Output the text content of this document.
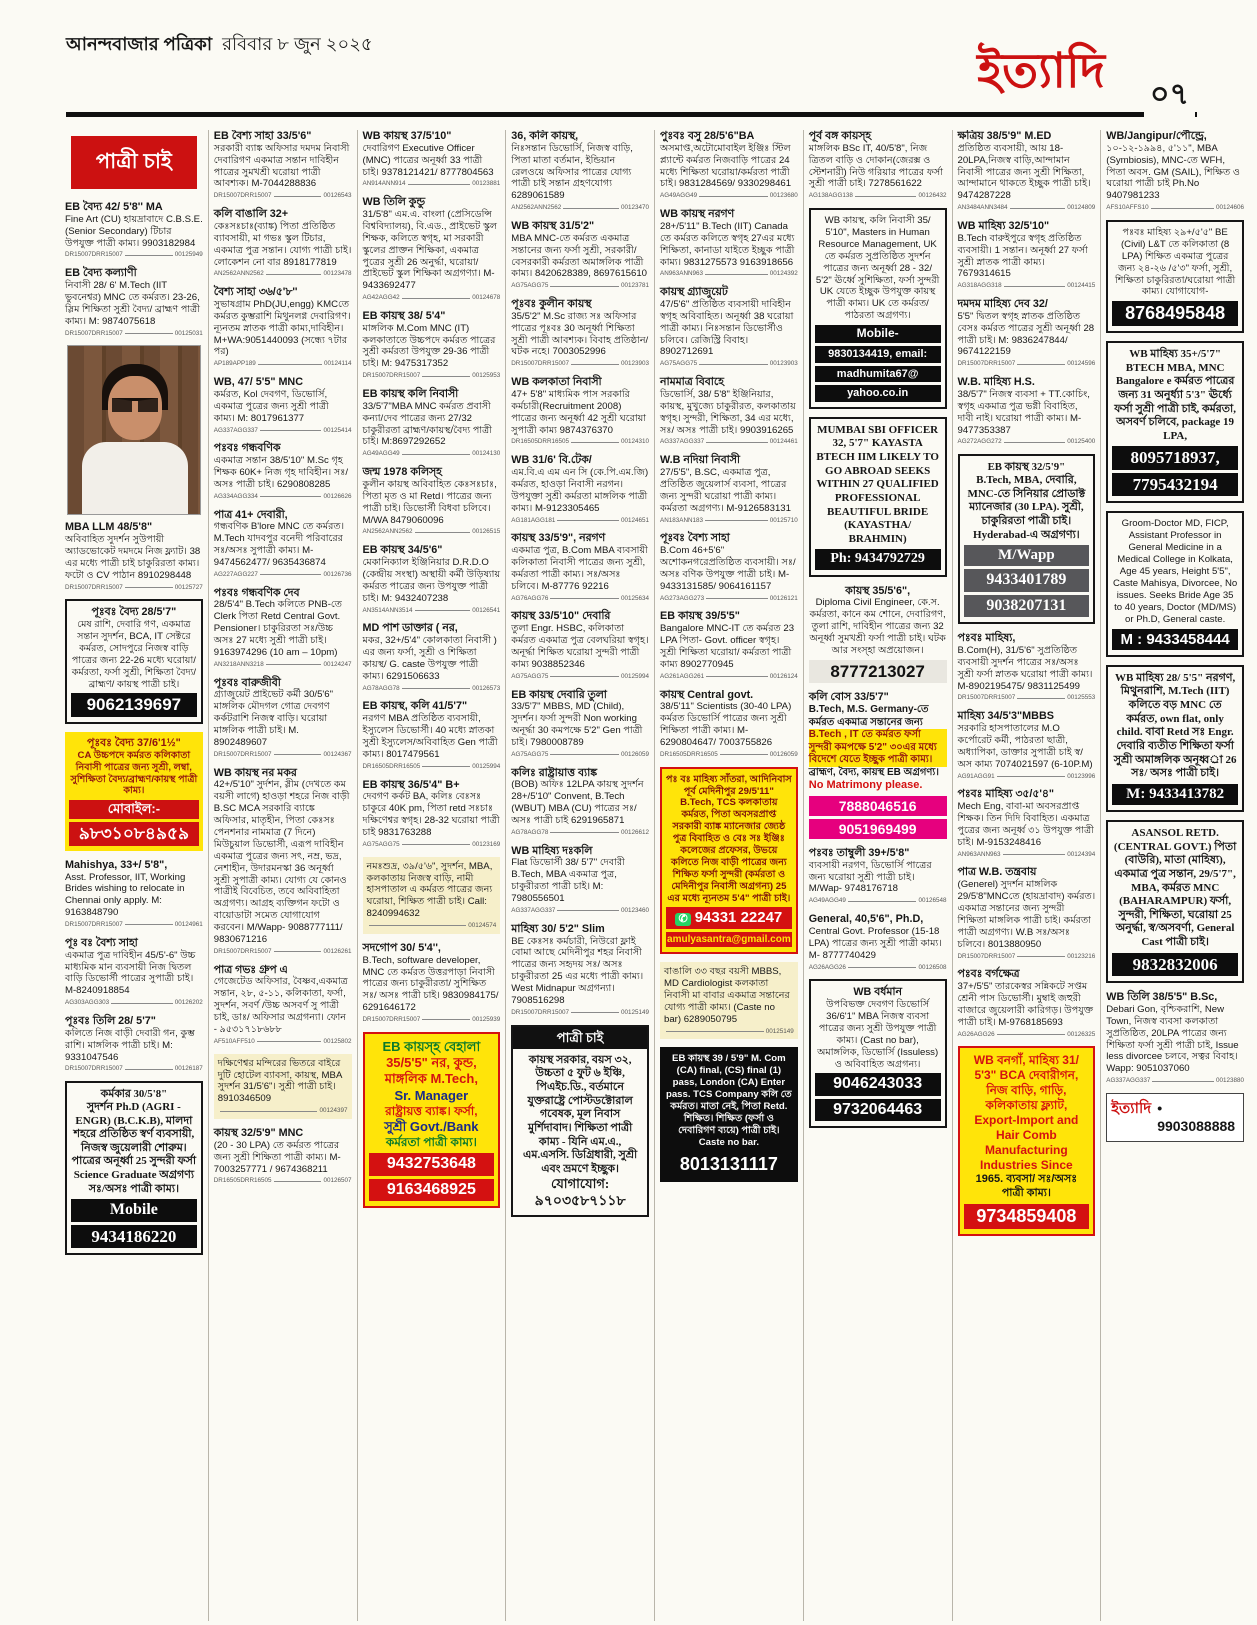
আনন্দবাজার পত্রিকা রবিবার ৮ জুন ২০২৫
ইত্যাদি	০৭
পাত্রী চাই
EB বৈদ্য 42/ 5'8'' MA
Fine Art (CU) হায়দ্রাবাদে C.B.S.E. (Senior Secondary) টিচার উপযুক্ত পাত্রী কাম্য। 9903182984
DR15007DRR15007	00125949
EB বৈদ্য কল্যাণী
নিবাসী 28/ 6' M.Tech (IIT ভুবনেশ্বর) MNC তে কর্মরত। 23-26, স্লিম শিক্ষিতা সুশ্রী বৈদ্য/ ব্রাহ্মণ পাত্রী কাম্য। M: 9874075618
DR15007DRR15007	00125031
MBA LLM 48/5'8"
অবিবাহিত সুদর্শন সুউপায়ী অ্যাডভোকেট দমদমে নিজ ফ্ল্যাট। 38 এর মধ্যে পাত্রী চাই চাকুরিরতা কাম্য। ফটো ও CV পাঠান 8910298448
DR15007DRR15007	00125727
পূঃবঃ বৈদ্য 28/5'7"
মেষ রাশি, দেবারি গণ, একমাত্র সন্তান সুদর্শন, BCA, IT সেক্টরে কর্মরত, সোদপুরে নিজস্ব বাড়ি পাত্রের জন্য 22-26 মধ্যে ঘরোয়া/ কর্মরতা, ফর্সা সুশ্রী, শিক্ষিতা বৈদ্য/ ব্রাহ্মণ/ কায়স্থ পাত্রী চাই।
9062139697
পূঃবঃ বৈদ্য 37/6'1½"
CA উচ্চপদে কর্মরত কলিকাতা নিবাসী পাত্রের জন্য সুশ্রী, লম্বা, সুশিক্ষিতা বৈদ্য/ব্রাহ্মণ/কায়স্থ পাত্রী কাম্য।
মোবাইল:-
৯৮৩১০৮৪৯৫৯
Mahishya, 33+/ 5'8",
Asst. Professor, IIT, Working Brides wishing to relocate in Chennai only apply. M: 9163848790
DR15007DRR15007	00124961
পূঃ বঃ বৈশ্য সাহা
একমাত্র পুত্র দাবিহীন 45/5'-6" উচ্চ মাধ্যমিক মান ব্যবসায়ী নিজ দ্বিতল বাড়ি ডিভোর্সী পাত্রের সুপাত্রী চাই। M-8240918854
AG303AGG303	00126202
পূঃবঃ তিলি 28/ 5'7"
কলিতে নিজ বাড়ী দেবারী গন, কুম্ভ রাশি। মাঙ্গলিক পাত্রী চাই। M: 9331047546
DR15007DRR15007	00126187
কর্মকার 30/5'8"
সুদর্শন Ph.D (AGRI - ENGR) (B.C.K.B), মালদা শহরে প্রতিষ্ঠিত স্বর্ণ ব্যবসায়ী, নিজস্ব জুয়েলারী শোরুম। পাত্রের অনূর্ধ্বা 25 সুন্দরী ফর্সা Science Graduate অগ্রগণ্য সঃ/অসঃ পাত্রী কাম্য।
Mobile
9434186220
EB বৈশ্য সাহা 33/5'6"
সরকারী ব্যাঙ্ক অফিসার দমদম নিবাসী দেবারিগণ একমাত্র সন্তান দাবিহীন পাত্রের সুমখশ্রী ঘরোয়া পাত্রী আবশ্যক। M-7044288836
DR15007DRR15007	00126543
কলি বাঙালি 32+
কেঃসঃচাঃ(ব্যাঙ্ক) পিতা প্রতিষ্ঠিত ব্যাবসায়ী, মা গভঃ স্কুল টিচার, একমাত্র পুত্র সন্তান। যোগ্য পাত্রী চাই। লোকেশন নো বার 8918177819
AN2562ANN2562	00123478
বৈশ্য সাহা ৩৬/৫'৮''
সুভাষগ্রাম PhD(JU,engg) KMCতে কর্মরত কুম্ভরাশি মিথুনলগ্ন দেবারিগণ। ন্যূনতম স্নাতক পাত্রী কাম্য,দাবিহীন। M+WA:9051440093 (সন্ধ্যে ৭টার পর)
AP189APP189	00124114
WB, 47/ 5'5" MNC
কর্মরত, Kol দেবগণ, ডিভোর্সি, একমাত্র পুত্রের জন্য সুশ্রী পাত্রী কাম্য। M: 8017961377
AG337AGG337	00125414
পঃবঃ গন্ধবণিক
একমাত্র সন্তান 38/5'10" M.Sc গৃহ শিক্ষক 60K+ নিজ গৃহ দাবিহীন। সঃ/অসঃ পাত্রী চাই। 6290808285
AG334AGG334	00126626
পাত্র 41+ দেবারী,
গন্ধবণিক B'lore MNC তে কর্মরত। M.Tech যাদবপুর বনেদী পরিবারের সঃ/অসঃ সুপাত্রী কাম্য। M- 9474562477/ 9635436874
AG227AGG227	00126736
পঃবঃ গন্ধবণিক দেব
28/5'4" B.Tech কলিতে PNB-তে Clerk পিতা Retd Central Govt. Pensioner। চাকুরিরতা সঃ/উচ্চ অসঃ 27 মধ্যে সুশ্রী পাত্রী চাই। 9163974296 (10 am – 10pm)
AN3218ANN3218	00124247
পূঃবঃ বারুজীবী
গ্র্যাজুয়েট প্রাইভেট কর্মী 30/5'6" মাঙ্গলিক মৌদগল গোত্র দেবগণ কর্কটরাশি নিজস্ব বাড়ি। ঘরোয়া মাঙ্গলিক পাত্রী চাই। M. 8902489607
DR15007DRR15007	00124367
WB কায়স্থ নর মকর
42+/5'10" সুর্দশন, স্লীম (দেখতে কম বয়সী লাগে) হাওড়া শহরে নিজ বাড়ী B.SC MCA সরকারি ব্যাঙ্কে অফিসার, মাতৃহীন, পিতা কেঃসঃ পেনশনার নামমাত্র (7 দিনে) মিউচুয়াল ডিভোর্সী, এরূপ দাবিহীন একমাত্র পুত্রের জন্য সৎ, নম্র, ভদ্র, নেশাহীন, উদারমনস্কা 36 অনূর্ধ্বা সুশ্রী সুপাত্রী কাম্য। যোগ্য যে কোনও পাত্রীই বিবেচিত, তবে অবিবাহিতা অগ্রগণ্য। আগ্রহ ব্যক্তিগন ফটো ও বায়োডাটা সমেত যোগাযোগ করবেন। M/Wapp- 9088777111/ 9830671216
DR15007DRR15007	00126261
পাত্র গভঃ গ্রুপ এ
গেজেটেড অফিসার, বৈষ্ণব,একমাত্র সন্তান, ২৮, ৫-১১, কলিকাতা, ফর্সা, সুদর্শন, সবর্ণ /উচ্চ অসবর্ণ সু পাত্রী চাই, ডাঃ/ অফিসার অগ্রগন্যা। ফোন - ৯৫৩১৭১৮৬৮৮
AF510AFF510	00125802
দক্ষিণেশ্বর মন্দিরের ভিতরে বাইরে দুটি হোটেল ব্যাবসা, কায়স্থ, MBA সুদর্শন 31/5'6"। সুশ্রী পাত্রী চাই। 8910346509
00124397
কায়স্থ 32/5'9" MNC
(20 - 30 LPA) তে কর্মরত পাত্রের জন্য সুশ্রী শিক্ষিতা পাত্রী কাম্য। M- 7003257771 / 9674368211
DR16505DRR16505	00126507
WB কায়স্থ 37/5'10"
দেবারিগণ Executive Officer (MNC) পাত্রের অনূর্ধ্বা 33 পাত্রী চাই। 9378121421/ 8777804563
AN914ANN914	00123881
WB তিলি কুন্ডু
31/5'8'' এম.এ. বাংলা (প্রেসিডেন্সি বিশ্ববিদ্যালয়), বি.এড., প্রাইভেট স্কুল শিক্ষক, কলিতে স্বগৃহ, মা সরকারী স্কুলের প্রাক্তন শিক্ষিকা, একমাত্র পুত্রের সুশ্রী 26 অনুর্দ্ধা, ঘরোয়া/প্রাইভেট স্কুল শিক্ষিকা অগ্রগণ্যা। M- 9433692477
AG42AGG42	00124678
EB কায়স্থ 38/ 5'4"
মাঙ্গলিক M.Com MNC (IT) কলকাতাতে উচ্চপদে কর্মরত পাত্রের সুশ্রী কর্মরতা উপযুক্ত 29-36 পাত্রী চাই। M: 9475317352
DR15007DRR15007	00125953
EB কায়স্থ কলি নিবাসী
33/5'7"MBA MNC কর্মরত প্রবাসী কন্যা/দেব পাত্রের জন্য 27/32 চাকুরীরতা ব্রাহ্মণ/কায়স্থ/বৈদ্য পাত্রী চাই। M:8697292652
AG49AGG49	00124130
জন্ম 1978 কলিস্হ
কুলীন কায়স্থ অবিবাহিত কেঃসঃচাঃ, পিতা মৃত ও মা Retd। পাত্রের জন্য পাত্রী চাই। ডিভোর্সী বিধবা চলিবে। M/WA 8479060096
AN2562ANN2562	00126515
EB কায়স্থ 34/5'6"
মেকানিক্যাল ইঞ্জিনিয়ার D.R.D.O (কেন্দ্রীয় সংস্থা) অস্থায়ী কর্মী উড়িষ্যায় কর্মরত পাত্রের জন্য উপযুক্ত পাত্রী চাই। M: 9432407238
AN3514ANN3514	00126541
MD পাশ ডাক্তার ( নর,
মকর, 32+/5'4" কোলকাতা নিবাসী ) এর জন্য ফর্সা, সুশ্রী ও শিক্ষিতা কায়স্থ/ G. caste উপযুক্ত পাত্রী কাম্য। 6291506633
AG78AGG78	00126573
EB কায়স্থ, কলি 41/5'7"
নরগণ MBA প্রতিষ্ঠিত ব্যবসায়ী, ইস্যুলেস ডিভোর্সী। 40 মধ্যে স্নাতকা সুশ্রী ইস্যুলেস/অবিবাহিত Gen পাত্রী কাম্য। 8017479561
DR16505DRR16505	00125994
EB কায়স্থ 36/5'4" B+
দেবগণ কর্কট BA, কলিঃ বেঃসঃ চাকুরে 40K pm, পিতা retd সঃচাঃ দক্ষিণেশ্বর স্বগৃহ। 28-32 ঘরোয়া পাত্রী চাই 9831763288
AG75AGG75	00123169
নমঃশুদ্র, ৩৯/৫'৬", সুদর্শন, MBA, কলকাতায় নিজস্ব বাড়ি, নামী হাসপাতাল এ কর্মরত পাত্রের জন্য ঘরোয়া, শিক্ষিত পাত্রী চাই। Call: 8240994632
00124574
সদগোপ 30/ 5'4'',
B.Tech, software developer, MNC তে কর্মরত উত্তরপাড়া নিবাসী পাত্রের জন্য চাকুরীরতা/ সুশিক্ষিত সঃ/ অসঃ পাত্রী চাই। 9830984175/ 6291646172
DR15007DRR15007	00125939
EB কায়স্হ বেহালা
35/5'5" নর, কুন্ড,
মাঙ্গলিক M.Tech,
Sr. Manager
রাষ্ট্রায়ত্ত ব্যাঙ্ক। ফর্সা,
সুশ্রী Govt./Bank
কর্মরতা পাত্রী কাম্য।
9432753648
9163468925
36, কলি কায়স্থ,
নিঃসন্তান ডিভোর্সি, নিজস্ব বাড়ি, পিতা মাতা বর্তমান, ইন্ডিয়ান রেলওয়ে অফিসার পাত্রের যোগ্য পাত্রী চাই সন্তান গ্রহণযোগ্য 6289061589
AN2562ANN2562	00123470
WB কায়স্থ 31/5'2"
MBA MNC-তে কর্মরত একমাত্র সন্তানের জন্য ফর্সা সুশ্রী, সরকারী/বেসরকারী কর্মরতা অমাঙ্গলিক পাত্রী কাম্য। 8420628389, 8697615610
AG75AGG75	00123781
পূঃবঃ কুলীন কায়স্থ
35/5'2" M.Sc রাজ্য সঃ অফিসার পাত্রের পূঃবঃ 30 অনূর্ধ্বা শিক্ষিতা সুশ্রী পাত্রী আবশ্যক। বিবাহ প্রতিষ্ঠান/ঘটক নহে। 7003052996
DR15007DRR15007	00123903
WB কলকাতা নিবাসী
47+ 5'8" মাধ্যমিক পাস সরকারি কর্মচারী(Recruitment 2008) পাত্রের জন্য অনূর্ধ্বা 42 সুশ্রী ঘরোয়া সুপাত্রী কাম্য 9874376370
DR16505DRR16505	00124310
WB 31/6' বি.টেক/
এম.বি.এ এম এন সি (কে.পি.এম.জি) কর্মরত, হাওড়া নিবাসী নরগন। উপযুক্তা সুশ্রী কর্মরতা মাঙ্গলিক পাত্রী কাম্য। M-9123305465
AG181AGG181	00124651
কায়স্থ 33/5'9", নরগণ
একমাত্র পুত্র, B.Com MBA ব্যবসায়ী কলিকাতা নিবাসী পাত্রের জন্য সুশ্রী, কর্মরতা পাত্রী কাম্য। সঃ/অসঃ চলিবে। M-87776 92216
AG76AGG76	00125634
কায়স্থ 33/5'10" দেবারি
তুলা Engr. HSBC, কলিকাতা কর্মরত একমাত্র পুত্র বেলঘরিয়া স্বগৃহ। অনূর্দ্ধা শিক্ষিত ঘরোয়া সুন্দরী পাত্রী কাম্য 9038852346
AG75AGG75	00125994
EB কায়স্থ দেবারি তুলা
33/5'7" MBBS, MD (Child), সুদর্শন। ফর্সা সুন্দরী Non working অনূর্দ্ধা 30 কমপক্ষে 5'2" Gen পাত্রী চাই। 7980008789
AG75AGG75	00126059
কলিঃ রাষ্ট্রায়াত্ত ব্যাঙ্ক
(BOB) অফিঃ 12LPA কায়স্থ সুদর্শন 28+/5'10" Convent, B.Tech (WBUT) MBA (CU) পাত্রের সঃ/অসঃ পাত্রী চাই 6291965871
AG78AGG78	00126612
WB মাহিষ্য দঃকলি
Flat ডিভোর্সী 38/ 5'7" দেবারী B.Tech, MBA একমাত্র পুত্র, চাকুরীরতা পাত্রী চাই। M: 7980556501
AG337AGG337	00123460
মাহিষ্য 30/ 5'2" Slim
BE কেঃসঃ কর্মচারী, নিউরো ফ্লাই বোমা আছে মেদিনীপুর শহর নিবাসী পাত্রের জন্য সহৃদয় সঃ/ অসঃ চাকুরীরতা 25 এর মধ্যে পাত্রী কাম্য। West Midnapur অগ্রগন্যা। 7908516298
DR15007DRR15007	00125149
পাত্রী চাই
কায়স্থ সরকার, বয়স ৩২, উচ্চতা ৫ ফুট ৬ ইঞ্চি, পিএইচ.ডি., বর্তমানে যুক্তরাষ্ট্রে পোস্টডক্টোরাল গবেষক, মূল নিবাস মুর্শিদাবাদ। শিক্ষিতা পাত্রী কাম্য - যিনি এম.এ., এম.এসসি. ডিগ্রিধারী, সুশ্রী এবং ভ্রমণে ইচ্ছুক।
যোগাযোগ:
৯৭০৩৫৮৭১১৮
পুঃবঃ বসু 28/5'6"BA
অসমাপ্ত,অটোমোবাইল ইঞ্জিঃ স্টিল প্ল্যান্টে কর্মরত নিজবাড়ি পাত্রের 24 মধ্যে শিক্ষিতা ঘরোয়া/কর্মরতা পাত্রী চাই। 9831284569/ 9330298461
AG49AGG49	00123680
WB কায়স্থ নরগণ
28+/5'11" B.Tech (IIT) Canada তে কর্মরত কলিতে স্বগৃহ 27এর মধ্যে শিক্ষিতা, কানাডা যাইতে ইচ্ছুক পাত্রী কাম্য। 9831275573 9163918656
AN963ANN963	00124392
কায়স্থ গ্র্যাজুয়েট
47/5'6" প্রতিষ্ঠিত ব্যবসায়ী দাবিহীন স্বগৃহ অবিবাহিত। অনূর্ধ্বা 38 ঘরোয়া পাত্রী কাম্য। নিঃসন্তান ডিভোর্সীও চলিবে। রেজিস্ট্রি বিবাহ। 8902712691
AG75AGG75	00123903
নামমাত্র বিবাহে
ডিভোর্সি, 38/ 5'8" ইঞ্জিনিয়ার, কায়স্থ, মুখুজ্যে চাকুরীরত, কলকাতায় স্বগৃহ। সুন্দরী, শিক্ষিতা, 34 এর মধ্যে, সঃ/ অসঃ পাত্রী চাই। 9903916265
AG337AGG337	00124461
W.B নদিয়া নিবাসী
27/5'5", B.SC, একমাত্র পুত্র, প্রতিষ্ঠিত জুয়েলার্স ব্যবসা, পাত্রের জন্য সুন্দরী ঘরোয়া পাত্রী কাম্য। কর্মরতা অগ্রগণ্য। M-9126583131
AN183ANN183	00125710
পূঃবঃ বৈশ্য সাহা
B.Com 46+5'6" অশোকনগরেপ্রতিষ্ঠিত ব্যবসায়ী। সঃ/অসঃ বণিক উপযুক্ত পাত্রী চাই। M- 9433131585/ 9064161157
AG273AGG273	00126121
EB কায়স্থ 39/5'5"
Bangalore MNC-IT তে কর্মরত 23 LPA পিতা- Govt. officer স্বগৃহ। সুশ্রী শিক্ষিতা ঘরোয়া/ কর্মরতা পাত্রী কাম্য 8902770945
AG261AGG261	00126124
কায়স্থ Central govt.
38/5'11" Scientists (30-40 LPA) কর্মরত ডিভোর্সি পাত্রের জন্য সুশ্রী শিক্ষিতা পাত্রী কাম্য। M- 6290804647/ 7003755826
DR16505DRR16505	00126059
পঃ বঃ মাহিষ্য সাঁতরা, আদিনিবাস পূর্ব মেদিনীপুর 29/5'11" B.Tech, TCS কলকাতায় কর্মরত, পিতা অবসরপ্রাপ্ত সরকারী ব্যাঙ্ক ম্যানেজার জ্যেষ্ঠ পুত্র বিবাহিত ও বেঃ সঃ ইঞ্জিঃ কলেজের প্রফেসর, উভয়ে কলিতে নিজ বাড়ী পাত্রের জন্য শিক্ষিত ফর্সা সুন্দরী (কর্মরতা ও মেদিনীপুর নিবাসী অগ্রগন্য) 25 এর মধ্যে ন্যূনতম 5'4" পাত্রী চাই।
✆ 94331 22247
amulyasantra@gmail.com
বাঙালি ৩৩ বছর বয়সী MBBS, MD Cardiologist কলকাতা নিবাসী মা বাবার একমাত্র সন্তানের যোগ্য পাত্রী কাম্য। (Caste no bar) 6289050795
00125149
EB কায়স্থ 39 / 5'9" M. Com (CA) final, (CS) final (1) pass, London (CA) Enter pass. TCS Company কলি তে কর্মরত। মাতা নেই, পিতা Retd. শিক্ষিত। শিক্ষিত (ফর্সা ও দেবারিগণ ব্যয়ে) পাত্রী চাই। Caste no bar.
8013131117
পূর্ব বঙ্গ কায়স্হ
মাঙ্গলিক BSc IT, 40/5'8", নিজ ত্রিতল বাড়ি ও দোকান(জেরক্স ও স্টেশনারী) নিউ গরিয়ার পাত্রের ফর্সা সুশ্রী পাত্রী চাই। 7278561622
AG138AGG138	00126432
WB কায়স্থ, কলি নিবাসী 35/ 5'10", Masters in Human Resource Management, UK তে কর্মরত সুপ্রতিষ্ঠিত সুদর্শন পাত্রের জন্য অনূর্ধ্বা 28 - 32/ 5'2" ঊর্ধ্বে সুশিক্ষিতা, ফর্সা সুন্দরী UK যেতে ইচ্ছুক উপযুক্ত কায়স্থ পাত্রী কাম্য। UK তে কর্মরত/ পাঠরতা অগ্রগণ্য।
Mobile-
9830134419, email:
madhumita67@
yahoo.co.in
MUMBAI SBI OFFICER 32, 5'7" KAYASTA BTECH IIM LIKELY TO GO ABROAD SEEKS WITHIN 27 QUALIFIED PROFESSIONAL BEAUTIFUL BRIDE (KAYASTHA/ BRAHMIN)
Ph: 9434792729
কায়স্থ 35/5'6",
Diploma Civil Engineer, কে.স. কর্মরতা, কানে কম শোনে, দেবারিগণ, তুলা রাশি, দাবিহীন পাত্রের জন্য 32 অনূর্ধ্বা সুমখশ্রী ফর্সা পাত্রী চাই। ঘটক আর সংস্হা অপ্রয়োজন।
8777213027
কলি বোস 33/5'7"
B.Tech, M.S. Germany-তে কর্মরত একমাত্র সন্তানের জন্য
B.Tech , IT তে কর্মরত ফর্সা সুন্দরী কমপক্ষে 5'2" ৩০এর মধ্যে বিদেশে যেতে ইচ্ছুক পাত্রী কাম্য।
ব্রাহ্মণ, বৈদ্য, কায়স্থ EB অগ্রগণ্য।
No Matrimony please.
7888046516
9051969499
পঃবঃ তাম্বুলী 39+/5'8"
ব্যবসায়ী নরগণ, ডিভোর্সি পাত্রের জন্য ঘরোয়া সুশ্রী পাত্রী চাই। M/Wap- 9748176718
AG49AGG49	00126548
General, 40,5'6", Ph.D,
Central Govt. Professor (15-18 LPA) পাত্রের জন্য সুশ্রী পাত্রী কাম্য। M- 8777740429
AG26AGG26	00126508
WB বর্ধমান
উপবিভক্ত দেবগণ ডিভোর্সি 36/6'1" MBA নিজস্ব ব্যবসা পাত্রের জন্য সুশ্রী উপযুক্ত পাত্রী কাম্য। (Cast no bar), অমাঙ্গলিক, ডিভোর্সি (Issuless) ও অবিবাহিত অগ্রগন্য।
9046243033
9732064463
ক্ষত্রিয় 38/5'9" M.ED
প্রতিষ্ঠিত ব্যবসায়ী, আয় 18-20LPA,নিজস্ব বাড়ি,আন্দামান নিবাসী পাত্রের জন্য সুশ্রী শিক্ষিতা, আন্দামানে থাকতে ইচ্ছুক পাত্রী চাই। 9474287228
AN3484ANN3484	00124809
WB মাহিষ্য 32/5'10"
B.Tech বারুইপুরে স্বগৃহ প্রতিষ্ঠিত ব্যবসায়ী। 1 সন্তান। অনূর্ধ্বা 27 ফর্সা সুশ্রী স্নাতক পাত্রী কাম্য। 7679314615
AG318AGG318	00124415
দমদম মাহিষ্য দেব 32/
5'5" দ্বিতল স্বগৃহ স্নাতক প্রতিষ্ঠিত বেসঃ কর্মরত পাত্রের সুশ্রী অনূর্ধ্বা 28 পাত্রী চাই। M: 9836247844/ 9674122159
DR15007DRR15007	00124596
W.B. মাহিষ্য H.S.
38/5'7" নিজস্ব ব্যবসা + TT.কোচিং, স্বগৃহ একমাত্র পুত্র ভগ্নী বিবাহিত, দাবী নাই। ঘরোয়া পাত্রী কাম্য। M-9477353387
AG272AGG272	00125400
EB কায়স্থ 32/5'9"
B.Tech, MBA, দেবারি, MNC-তে সিনিয়ার প্রোডাক্ট ম্যানেজার (30 LPA). সুশ্রী, চাকুরিরতা পাত্রী চাই। Hyderabad-এ অগ্রগণ্য।
M/Wapp
9433401789
9038207131
পঃবঃ মাহিষ্য,
B.Com(H), 31/5'6" সুপ্রতিষ্ঠিত ব্যবসায়ী সুদর্শন পাত্রের সঃ/অসঃ সুশ্রী ফর্সা স্নাতক ঘরোয়া পাত্রী কাম্য। M-8902195475/ 9831125499
DR15007DRR15007	00125553
মাহিষ্য 34/5'3"MBBS
সরকারি হাসপাতালের M.O কর্পোরেট কর্মী, পাঠরতা ছাত্রী, অধ্যাপিকা, ডাক্তার সুপাত্রী চাই স্ব/অস কাম্য 7074021597 (6-10P.M)
AG91AGG91	00123996
পঃবঃ মাহিষ্য ৩৫/৫'৪"
Mech Eng, বাবা-মা অবসরপ্রাপ্ত শিক্ষক। তিন দিদি বিবাহিত। একমাত্র পুত্রের জন্য অনূর্ধ্ব ৩১ উপযুক্ত পাত্রী চাই। M-9153248416
AN963ANN963	00124394
পাত্র W.B. তন্ত্রবায়
(Generel) সুদর্শন মাঙ্গলিক 29/5'8"MNCতে (হায়দ্রাবাদ) কর্মরত। একমাত্র সন্তানের জন্য সুন্দরী শিক্ষিতা মাঙ্গলিক পাত্রী চাই। কর্মরতা পাত্রী অগ্রগণ্য। W.B সঃ/অসঃ চলিবে। 8013880950
DR15007DRR15007	00123216
পঃবঃ বর্গক্ষেত্র
37+/5'5" তারকেস্বর সন্নিকটে সপ্তম শ্রেনী পাস ডিভোর্সী। মুম্বাই জহুরী বাজারে জুয়েলারী কারিগড়। উপযুক্ত পাত্রী চাই। M-9768185693
AG26AGG26	00126325
WB বনগাঁ, মাহিষ্য 31/
5'3" BCA দেবারীগন,
নিজ বাড়ি, গাড়ি,
কলিকাতায় ফ্ল্যাট,
Export-Import and
Hair Comb
Manufacturing
Industries Since
1965. ব্যবসা/ সঃ/অসঃ
পাত্রী কাম্য।
9734859408
WB/Jangipur/পৌন্ড্রে,
১০-১২-১৯৯৪, ৫'১১", MBA (Symbiosis), MNC-তে WFH, পিতা অবস. GM (SAIL), শিক্ষিত ও ঘরোয়া পাত্রী চাই Ph.No 9407981233
AFS10AFFS10	00124606
পঃবঃ মাহিষ্য ২৯+/৫'৫" BE (Civil) L&T তে কলিকাতা (8 LPA) শিক্ষিত একমাত্র পুত্রের জন্য ২৪-২৬ /৫'৩" ফর্সা, সুশ্রী, শিক্ষিতা চাকুরিরতা/ঘরোয়া পাত্রী কাম্য। যোগাযোগ-
8768495848
WB মাহিষ্য 35+/5'7" BTECH MBA, MNC Bangalore e কর্মরত পাত্রের জন্য 31 অনুর্ধ্যা 5'3" ঊর্ধ্যে ফর্সা সুশ্রী পাত্রী চাই, কর্মরতা, অসবর্ণ চলিবে, package 19 LPA,
8095718937,
7795432194
Groom-Doctor MD, FICP, Assistant Professor in General Medicine in a Medical College in Kolkata, Age 45 years, Height 5'5", Caste Mahisya, Divorcee, No issues. Seeks Bride Age 35 to 40 years, Doctor (MD/MS) or Ph.D, General caste.
M : 9433458444
WB মাহিষ্য 28/ 5'5" নরগণ, মিথুনরাশি, M.Tech (IIT) কলিতে বড় MNC তে কর্মরত, own flat, only child. বাবা Retd সঃ Engr. দেবারি ব্যতীত শিক্ষিতা ফর্সা সুশ্রী অমাঙ্গলিক অনূধ্বর্া 26 সঃ/ অসঃ পাত্রী চাই।
M: 9433413782
ASANSOL RETD. (CENTRAL GOVT.) পিতা (বাউরি), মাতা (মাহিষ্য), একমাত্র পুত্র সন্তান, 29/5'7", MBA, কর্মরত MNC (BAHARAMPUR) ফর্সা, সুন্দরী, শিক্ষিতা, ঘরোয়া 25 অনুর্দ্ধা, স্ব/অসবর্ণা, General Cast পাত্রী চাই।
9832832006
WB তিলি 38/5'5" B.Sc,
Debari Gon, বৃশ্চিকরাশি, New Town, নিজস্ব ব্যবসা কলকাতা সুপ্রতিষ্ঠিত, 20LPA পাত্রের জন্য শিক্ষিতা ফর্সা সুশ্রী পাত্রী চাই, Issue less divorcee চলবে, সত্বর বিবাহ। Wapp: 9051037060
AG337AGG337	00123880
ইত্যাদি • 9903088888
